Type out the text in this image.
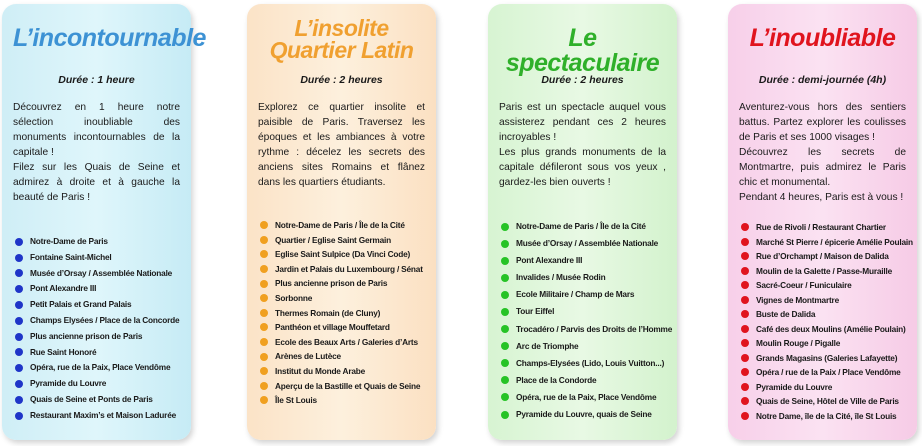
L’incontournable

Durée : 1 heure

Découvrez en 1 heure notre sélection inoubliable des monuments incontournables de la capitale !
Filez sur les Quais de Seine et admirez à droite et à gauche la beauté de Paris !

Notre-Dame de Paris
Fontaine Saint-Michel
Musée d’Orsay / Assemblée Nationale
Pont Alexandre III
Petit Palais et Grand Palais
Champs Elysées / Place de la Concorde
Plus ancienne prison de Paris
Rue Saint Honoré
Opéra, rue de la Paix, Place Vendôme
Pyramide du Louvre
Quais de Seine et Ponts de Paris
Restaurant Maxim’s et Maison Ladurée
L’insolite Quartier Latin

Durée : 2 heures

Explorez ce quartier insolite et paisible de Paris. Traversez les époques et les ambiances à votre rythme : décelez les secrets des anciens sites Romains et flânez dans les quartiers étudiants.

Notre-Dame de Paris / Île de la Cité
Quartier / Eglise Saint Germain
Eglise Saint Sulpice (Da Vinci Code)
Jardin et Palais du Luxembourg / Sénat
Plus ancienne prison de Paris
Sorbonne
Thermes Romain (de Cluny)
Panthéon et village Mouffetard
Ecole des Beaux Arts / Galeries d’Arts
Arènes de Lutèce
Institut du Monde Arabe
Aperçu de la Bastille et Quais de Seine
Île St Louis
Le spectaculaire

Durée : 2 heures

Paris est un spectacle auquel vous assisterez pendant ces 2 heures incroyables !
Les plus grands monuments de la capitale défileront sous vos yeux , gardez-les bien ouverts !

Notre-Dame de Paris / Île de la Cité
Musée d’Orsay / Assemblée Nationale
Pont Alexandre III
Invalides / Musée Rodin
Ecole Militaire / Champ de Mars
Tour Eiffel
Trocadéro / Parvis des Droits de l’Homme
Arc de Triomphe
Champs-Elysées (Lido, Louis Vuitton...)
Place de la Condorde
Opéra, rue de la Paix, Place Vendôme
Pyramide du Louvre, quais de Seine
L’inoubliable

Durée : demi-journée (4h)

Aventurez-vous hors des sentiers battus. Partez explorer les coulisses de Paris et ses 1000 visages !
Découvrez les secrets de Montmartre, puis admirez le Paris chic et monumental.
Pendant 4 heures, Paris est à vous !

Rue de Rivoli / Restaurant Chartier
Marché St Pierre / épicerie Amélie Poulain
Rue d’Orchampt / Maison de Dalida
Moulin de la Galette / Passe-Muraille
Sacré-Coeur / Funiculaire
Vignes de Montmartre
Buste de Dalida
Café des deux Moulins (Amélie Poulain)
Moulin Rouge / Pigalle
Grands Magasins (Galeries Lafayette)
Opéra / rue de la Paix / Place Vendôme
Pyramide du Louvre
Quais de Seine, Hôtel de Ville de Paris
Notre Dame, île de la Cité, île St Louis
